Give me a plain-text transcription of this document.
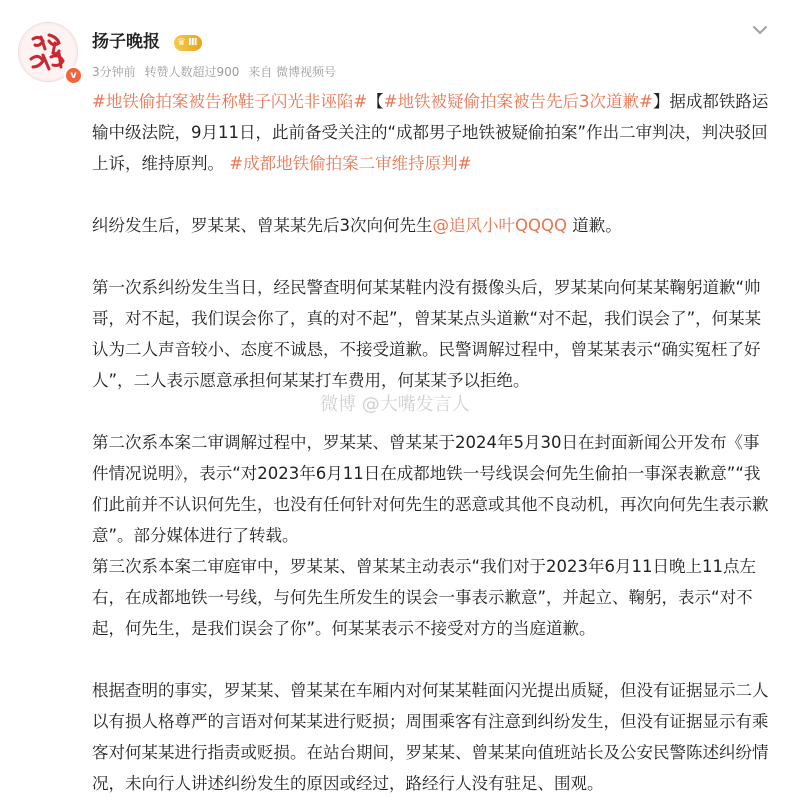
v
扬子晚报 ♛ Ⅲ
3分钟前 转赞人数超过900 来自 微博视频号

#地铁偷拍案被告称鞋子闪光非诬陷#【#地铁被疑偷拍案被告先后3次道歉#】据成都铁路运输中级法院，9月11日，此前备受关注的“成都男子地铁被疑偷拍案”作出二审判决，判决驳回上诉，维持原判。 #成都地铁偷拍案二审维持原判#

纠纷发生后，罗某某、曾某某先后3次向何先生@追风小叶QQQQ 道歉。

第一次系纠纷发生当日，经民警查明何某某鞋内没有摄像头后，罗某某向何某某鞠躬道歉“帅哥，对不起，我们误会你了，真的对不起”，曾某某点头道歉“对不起，我们误会了”，何某某认为二人声音较小、态度不诚恳，不接受道歉。民警调解过程中，曾某某表示“确实冤枉了好人”，二人表示愿意承担何某某打车费用，何某某予以拒绝。

第二次系本案二审调解过程中，罗某某、曾某某于2024年5月30日在封面新闻公开发布《事件情况说明》，表示“对2023年6月11日在成都地铁一号线误会何先生偷拍一事深表歉意”“我们此前并不认识何先生，也没有任何针对何先生的恶意或其他不良动机，再次向何先生表示歉意”。部分媒体进行了转载。

第三次系本案二审庭审中，罗某某、曾某某主动表示“我们对于2023年6月11日晚上11点左右，在成都地铁一号线，与何先生所发生的误会一事表示歉意”，并起立、鞠躬，表示“对不起，何先生，是我们误会了你”。何某某表示不接受对方的当庭道歉。

根据查明的事实，罗某某、曾某某在车厢内对何某某鞋面闪光提出质疑，但没有证据显示二人以有损人格尊严的言语对何某某进行贬损；周围乘客有注意到纠纷发生，但没有证据显示有乘客对何某某进行指责或贬损。在站台期间，罗某某、曾某某向值班站长及公安民警陈述纠纷情况，未向行人讲述纠纷发生的原因或经过，路经行人没有驻足、围观。

微博 @大嘴发言人
